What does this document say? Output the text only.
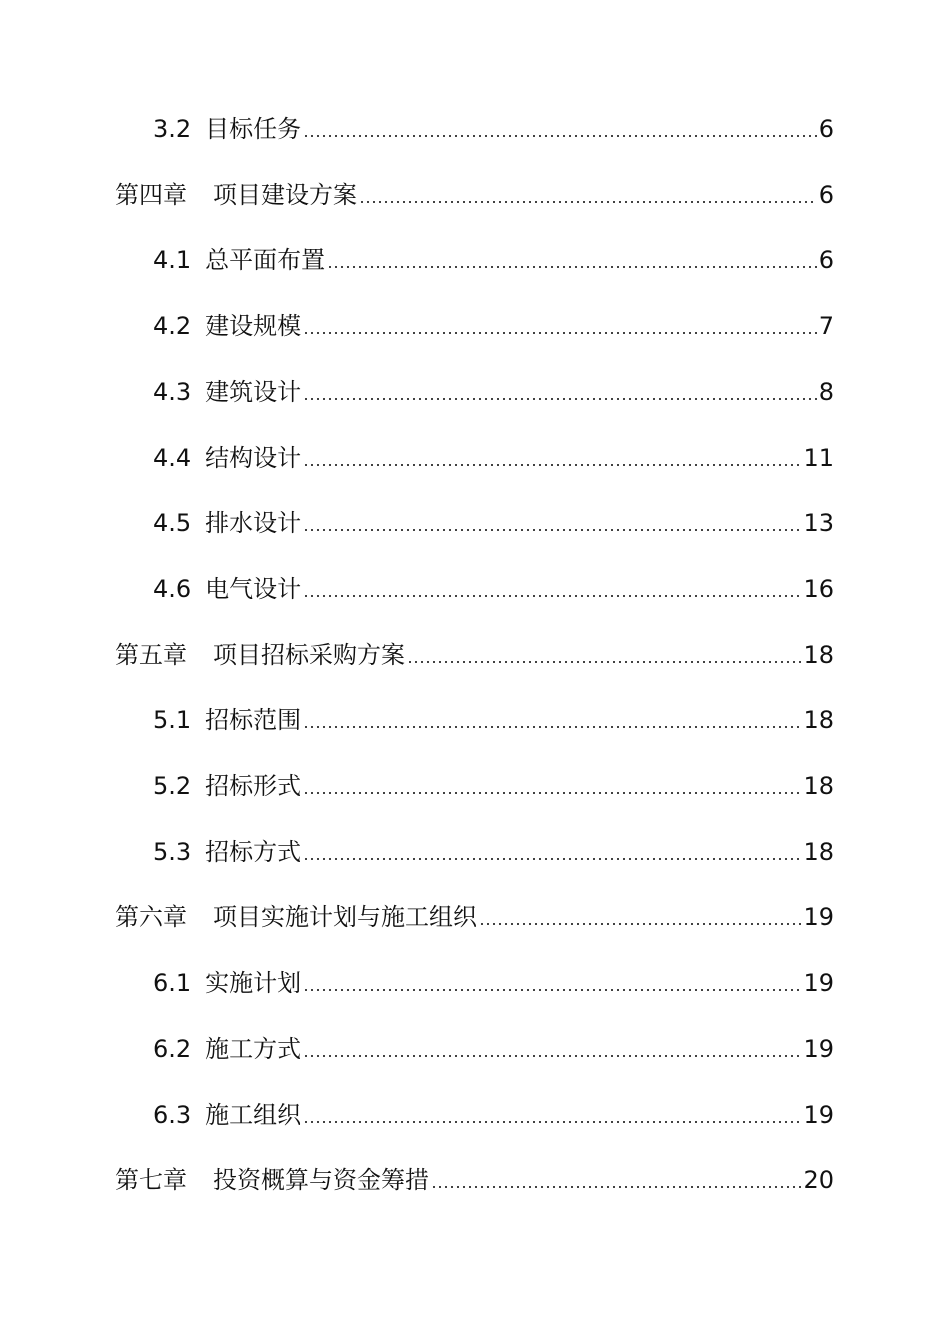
3.2 目标任务	6
第四章 项目建设方案	6
4.1 总平面布置	6
4.2 建设规模	7
4.3 建筑设计	8
4.4 结构设计	11
4.5 排水设计	13
4.6 电气设计	16
第五章 项目招标采购方案	18
5.1 招标范围	18
5.2 招标形式	18
5.3 招标方式	18
第六章 项目实施计划与施工组织	19
6.1 实施计划	19
6.2 施工方式	19
6.3 施工组织	19
第七章 投资概算与资金筹措	20
